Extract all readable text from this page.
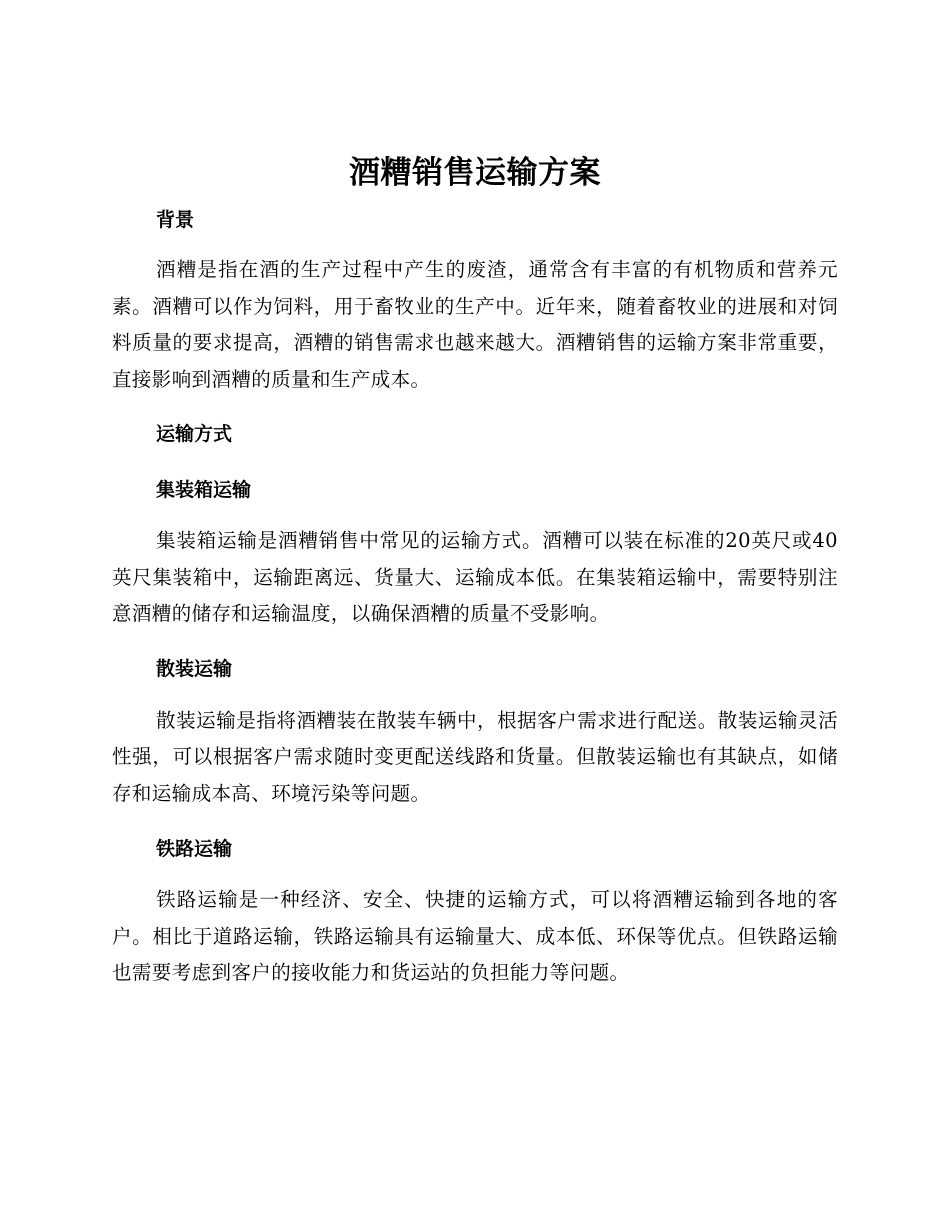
酒糟销售运输方案
背景

酒糟是指在酒的生产过程中产生的废渣，通常含有丰富的有机物质和营养元素。酒糟可以作为饲料，用于畜牧业的生产中。近年来，随着畜牧业的进展和对饲料质量的要求提高，酒糟的销售需求也越来越大。酒糟销售的运输方案非常重要，直接影响到酒糟的质量和生产成本。

运输方式
集装箱运输

集装箱运输是酒糟销售中常见的运输方式。酒糟可以装在标准的20英尺或40英尺集装箱中，运输距离远、货量大、运输成本低。在集装箱运输中，需要特别注意酒糟的储存和运输温度，以确保酒糟的质量不受影响。

散装运输

散装运输是指将酒糟装在散装车辆中，根据客户需求进行配送。散装运输灵活性强，可以根据客户需求随时变更配送线路和货量。但散装运输也有其缺点，如储存和运输成本高、环境污染等问题。

铁路运输

铁路运输是一种经济、安全、快捷的运输方式，可以将酒糟运输到各地的客户。相比于道路运输，铁路运输具有运输量大、成本低、环保等优点。但铁路运输也需要考虑到客户的接收能力和货运站的负担能力等问题。
